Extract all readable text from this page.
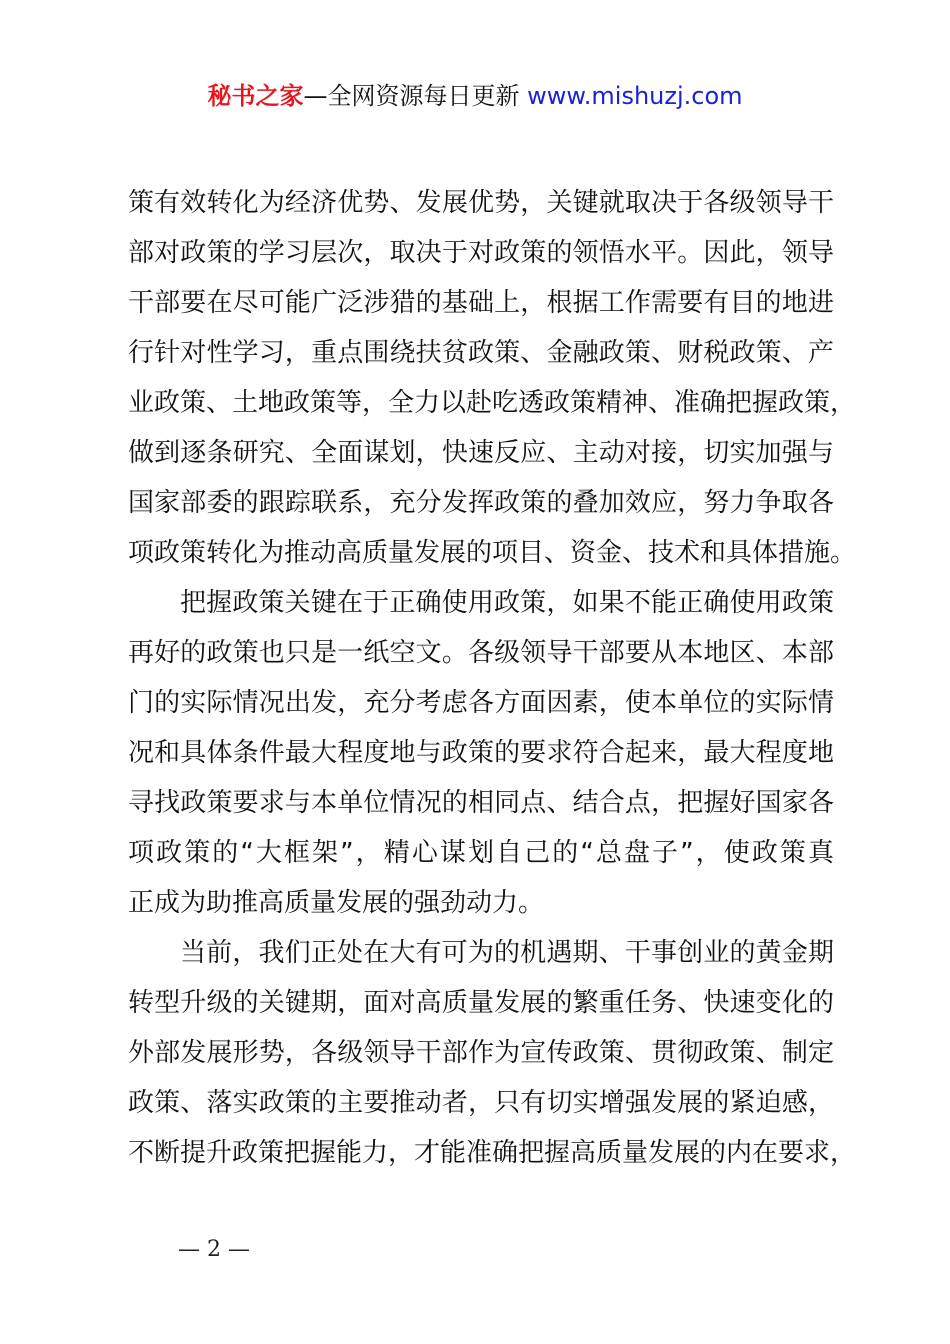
秘书之家—全网资源每日更新 www.mishuzj.com
策有效转化为经济优势、发展优势，关键就取决于各级领导干
部对政策的学习层次，取决于对政策的领悟水平。因此，领导
干部要在尽可能广泛涉猎的基础上，根据工作需要有目的地进
行针对性学习，重点围绕扶贫政策、金融政策、财税政策、产
业政策、土地政策等，全力以赴吃透政策精神、准确把握政策，
做到逐条研究、全面谋划，快速反应、主动对接，切实加强与
国家部委的跟踪联系，充分发挥政策的叠加效应，努力争取各
项政策转化为推动高质量发展的项目、资金、技术和具体措施。
把握政策关键在于正确使用政策，如果不能正确使用政策
再好的政策也只是一纸空文。各级领导干部要从本地区、本部
门的实际情况出发，充分考虑各方面因素，使本单位的实际情
况和具体条件最大程度地与政策的要求符合起来，最大程度地
寻找政策要求与本单位情况的相同点、结合点，把握好国家各
项政策的“大框架”，精心谋划自己的“总盘子”，使政策真
正成为助推高质量发展的强劲动力。
当前，我们正处在大有可为的机遇期、干事创业的黄金期
转型升级的关键期，面对高质量发展的繁重任务、快速变化的
外部发展形势，各级领导干部作为宣传政策、贯彻政策、制定
政策、落实政策的主要推动者，只有切实增强发展的紧迫感，
不断提升政策把握能力，才能准确把握高质量发展的内在要求，
— 2 —
